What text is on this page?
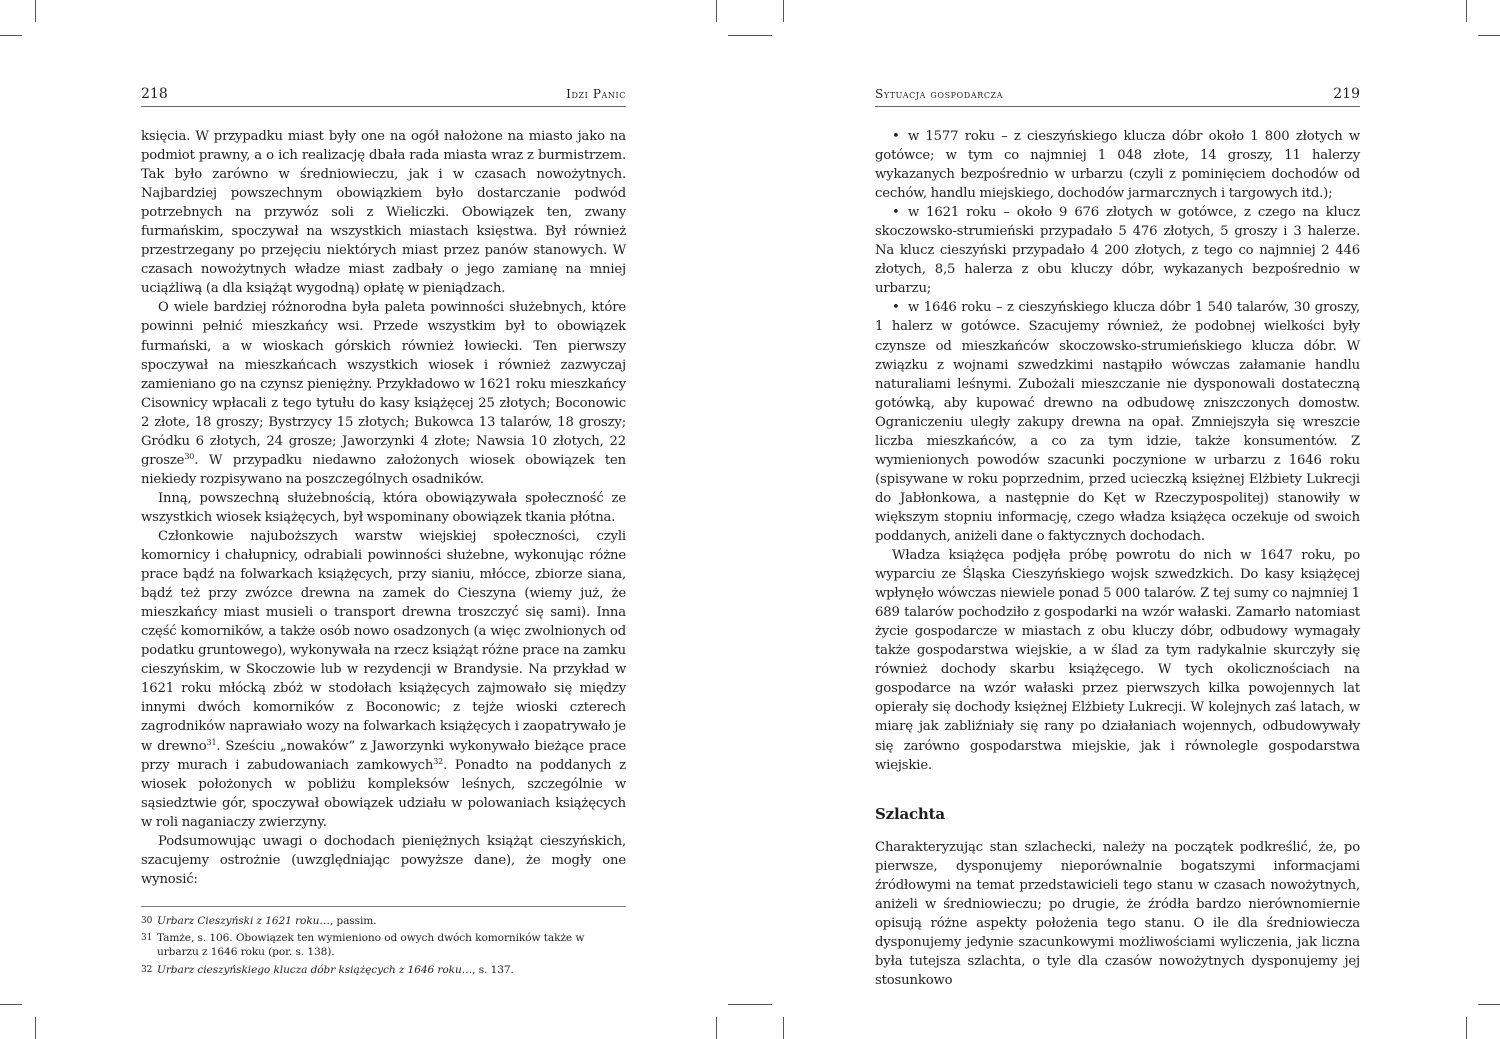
218	Idzi Panic

księcia. W przypadku miast były one na ogół nałożone na miasto jako na podmiot prawny, a o ich realizację dbała rada miasta wraz z burmistrzem. Tak było zarówno w średniowieczu, jak i w czasach nowożytnych. Najbardziej powszechnym obowiązkiem było dostarczanie podwód potrzebnych na przywóz soli z Wieliczki. Obowiązek ten, zwany furmańskim, spoczywał na wszystkich miastach księstwa. Był również przestrzegany po przejęciu niektórych miast przez panów stanowych. W czasach nowożytnych władze miast zadbały o jego zamianę na mniej uciążliwą (a dla książąt wygodną) opłatę w pieniądzach.

O wiele bardziej różnorodna była paleta powinności służebnych, które powinni pełnić mieszkańcy wsi. Przede wszystkim był to obowiązek furmański, a w wioskach górskich również łowiecki. Ten pierwszy spoczywał na mieszkańcach wszystkich wiosek i również zazwyczaj zamieniano go na czynsz pieniężny. Przykładowo w 1621 roku mieszkańcy Cisownicy wpłacali z tego tytułu do kasy książęcej 25 złotych; Boconowic 2 złote, 18 groszy; Bystrzycy 15 złotych; Bukowca 13 talarów, 18 groszy; Gródku 6 złotych, 24 grosze; Jaworzynki 4 złote; Nawsia 10 złotych, 22 grosze$^{30}$. W przypadku niedawno założonych wiosek obowiązek ten niekiedy rozpisywano na poszczególnych osadników.

Inną, powszechną służebnością, która obowiązywała społeczność ze wszystkich wiosek książęcych, był wspominany obowiązek tkania płótna.

Członkowie najuboższych warstw wiejskiej społeczności, czyli komornicy i chałupnicy, odrabiali powinności służebne, wykonując różne prace bądź na folwarkach książęcych, przy sianiu, młócce, zbiorze siana, bądź też przy zwózce drewna na zamek do Cieszyna (wiemy już, że mieszkańcy miast musieli o transport drewna troszczyć się sami). Inna część komorników, a także osób nowo osadzonych (a więc zwolnionych od podatku gruntowego), wykonywała na rzecz książąt różne prace na zamku cieszyńskim, w Skoczowie lub w rezydencji w Brandysie. Na przykład w 1621 roku młócką zbóż w stodołach książęcych zajmowało się między innymi dwóch komorników z Boconowic; z tejże wioski czterech zagrodników naprawiało wozy na folwarkach książęcych i zaopatrywało je w drewno$^{31}$. Sześciu „nowaków” z Jaworzynki wykonywało bieżące prace przy murach i zabudowaniach zamkowych$^{32}$. Ponadto na poddanych z wiosek położonych w pobliżu kompleksów leśnych, szczególnie w sąsiedztwie gór, spoczywał obowiązek udziału w polowaniach książęcych w roli naganiaczy zwierzyny.

Podsumowując uwagi o dochodach pieniężnych książąt cieszyńskich, szacujemy ostrożnie (uwzględniając powyższe dane), że mogły one wynosić:

30 Urbarz Cieszyński z 1621 roku…, passim.
31 Tamże, s. 106. Obowiązek ten wymieniono od owych dwóch komorników także w urbarzu z 1646 roku (por. s. 138).
32 Urbarz cieszyńskiego klucza dóbr książęcych z 1646 roku…, s. 137.
Sytuacja gospodarcza	219

• w 1577 roku – z cieszyńskiego klucza dóbr około 1 800 złotych w gotówce; w tym co najmniej 1 048 złote, 14 groszy, 11 halerzy wykazanych bezpośrednio w urbarzu (czyli z pominięciem dochodów od cechów, handlu miejskiego, dochodów jarmarcznych i targowych itd.);

• w 1621 roku – około 9 676 złotych w gotówce, z czego na klucz skoczowsko-strumieński przypadało 5 476 złotych, 5 groszy i 3 halerze. Na klucz cieszyński przypadało 4 200 złotych, z tego co najmniej 2 446 złotych, 8,5 halerza z obu kluczy dóbr, wykazanych bezpośrednio w urbarzu;

• w 1646 roku – z cieszyńskiego klucza dóbr 1 540 talarów, 30 groszy, 1 halerz w gotówce. Szacujemy również, że podobnej wielkości były czynsze od mieszkańców skoczowsko-strumieńskiego klucza dóbr. W związku z wojnami szwedzkimi nastąpiło wówczas załamanie handlu naturaliami leśnymi. Zubożali mieszczanie nie dysponowali dostateczną gotówką, aby kupować drewno na odbudowę zniszczonych domostw. Ograniczeniu uległy zakupy drewna na opał. Zmniejszyła się wreszcie liczba mieszkańców, a co za tym idzie, także konsumentów. Z wymienionych powodów szacunki poczynione w urbarzu z 1646 roku (spisywane w roku poprzednim, przed ucieczką księżnej Elżbiety Lukrecji do Jabłonkowa, a następnie do Kęt w Rzeczypospolitej) stanowiły w większym stopniu informację, czego władza książęca oczekuje od swoich poddanych, aniżeli dane o faktycznych dochodach.

Władza książęca podjęła próbę powrotu do nich w 1647 roku, po wyparciu ze Śląska Cieszyńskiego wojsk szwedzkich. Do kasy książęcej wpłynęło wówczas niewiele ponad 5 000 talarów. Z tej sumy co najmniej 1 689 talarów pochodziło z gospodarki na wzór wałaski. Zamarło natomiast życie gospodarcze w miastach z obu kluczy dóbr, odbudowy wymagały także gospodarstwa wiejskie, a w ślad za tym radykalnie skurczyły się również dochody skarbu książęcego. W tych okolicznościach na gospodarce na wzór wałaski przez pierwszych kilka powojennych lat opierały się dochody księżnej Elżbiety Lukrecji. W kolejnych zaś latach, w miarę jak zabliźniały się rany po działaniach wojennych, odbudowywały się zarówno gospodarstwa miejskie, jak i równolegle gospodarstwa wiejskie.

Szlachta

Charakteryzując stan szlachecki, należy na początek podkreślić, że, po pierwsze, dysponujemy nieporównalnie bogatszymi informacjami źródłowymi na temat przedstawicieli tego stanu w czasach nowożytnych, aniżeli w średniowieczu; po drugie, że źródła bardzo nierównomiernie opisują różne aspekty położenia tego stanu. O ile dla średniowiecza dysponujemy jedynie szacunkowymi możliwościami wyliczenia, jak liczna była tutejsza szlachta, o tyle dla czasów nowożytnych dysponujemy jej stosunkowo
